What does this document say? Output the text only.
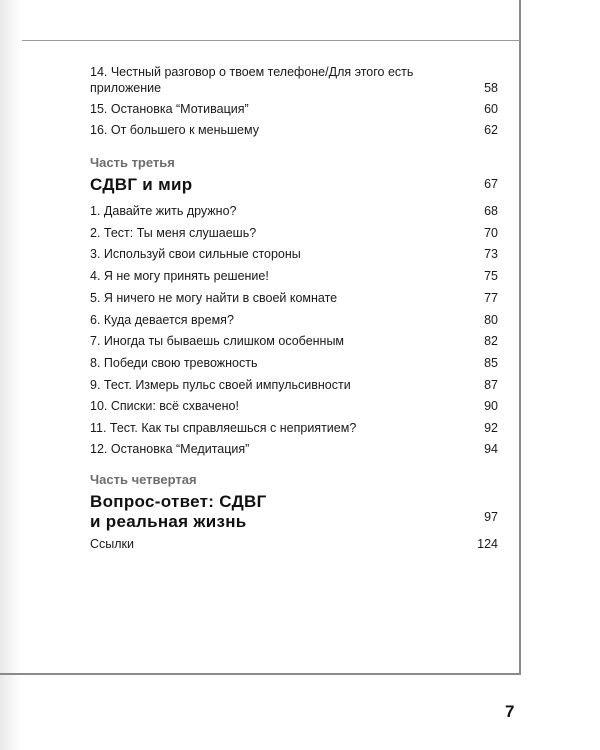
14. Честный разговор о твоем телефоне/Для этого есть приложение	58
15. Остановка “Мотивация”	60
16. От большего к меньшему	62
Часть третья
СДВГ и мир	67
1. Давайте жить дружно?	68
2. Тест: Ты меня слушаешь?	70
3. Используй свои сильные стороны	73
4. Я не могу принять решение!	75
5. Я ничего не могу найти в своей комнате	77
6. Куда девается время?	80
7. Иногда ты бываешь слишком особенным	82
8. Победи свою тревожность	85
9. Тест. Измерь пульс своей импульсивности	87
10. Списки: всё схвачено!	90
11. Тест. Как ты справляешься с неприятием?	92
12. Остановка “Медитация”	94
Часть четвертая
Вопрос-ответ: СДВГ
и реальная жизнь	97
Ссылки	124
7
